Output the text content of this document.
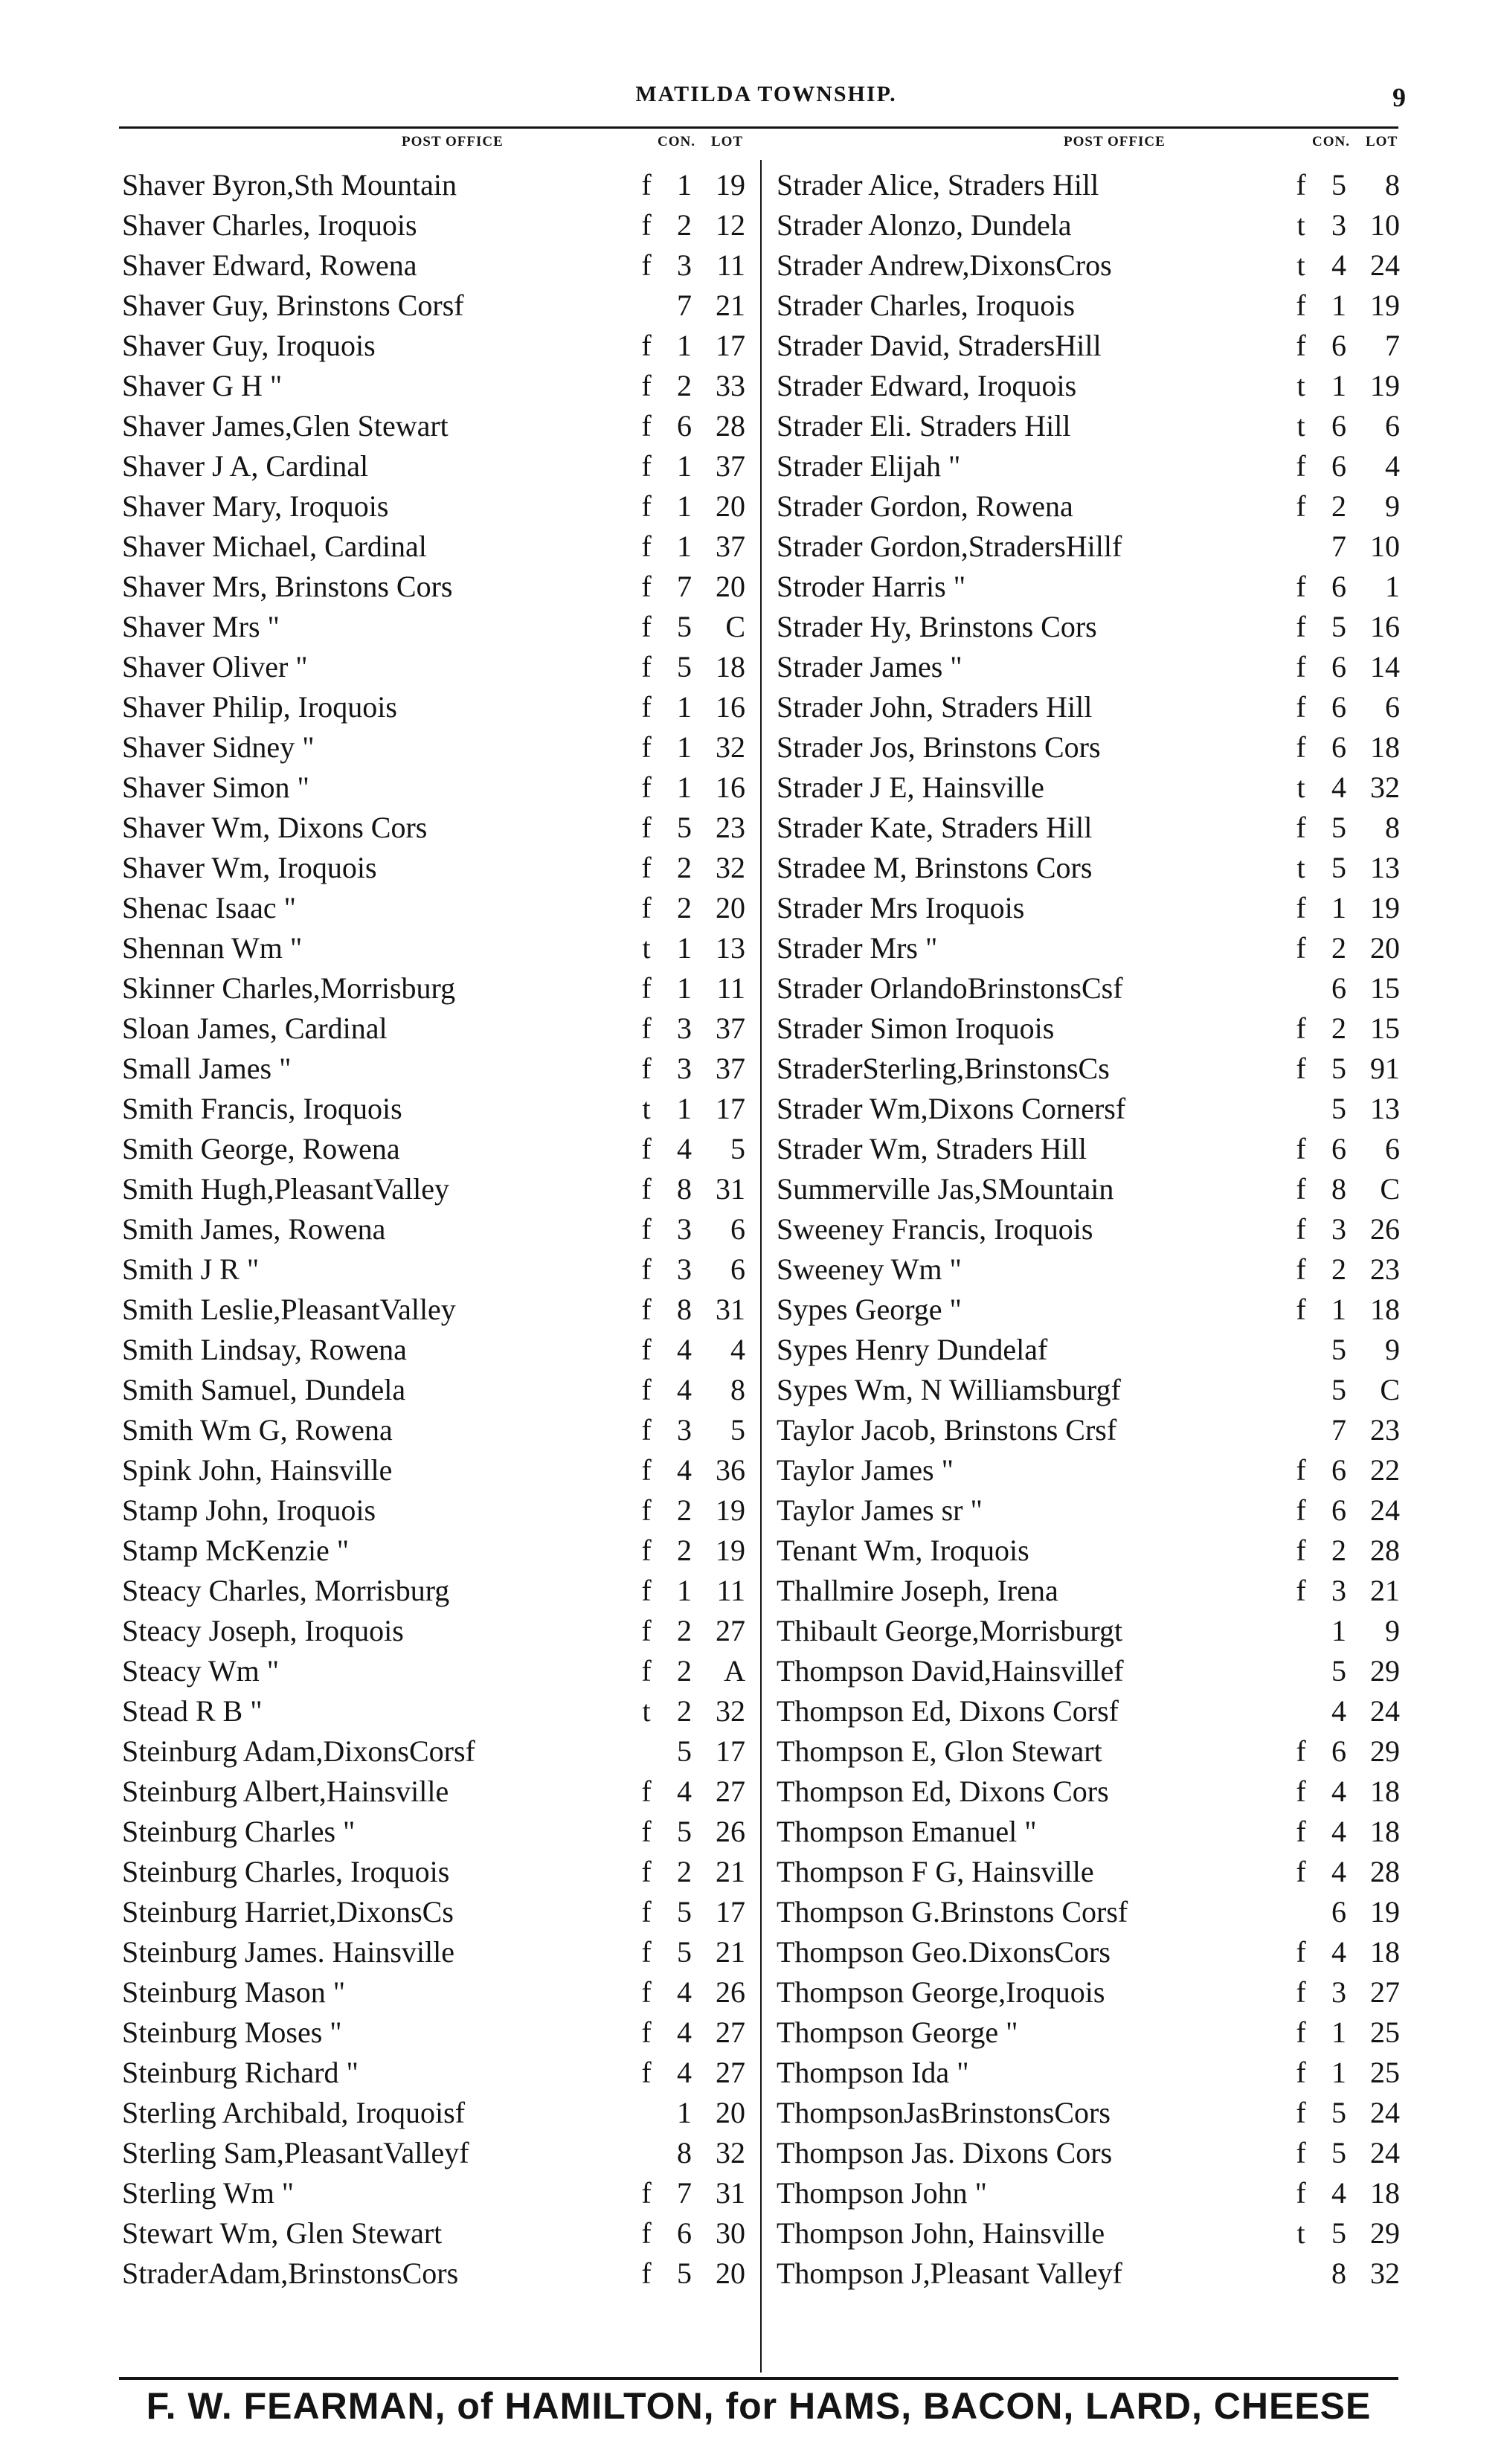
MATILDA TOWNSHIP.	9
POST OFFICE	CON. LOT	POST OFFICE	CON. LOT
Shaver Byron,Sth Mountain	f 1 19
Shaver Charles, Iroquois	f 2 12
Shaver Edward, Rowena	f 3 11
Shaver Guy, Brinstons Corsf	7 21
Shaver Guy, Iroquois	f 1 17
Shaver G H "	f 2 33
Shaver James,Glen Stewart	f 6 28
Shaver J A, Cardinal	f 1 37
Shaver Mary, Iroquois	f 1 20
Shaver Michael, Cardinal	f 1 37
Shaver Mrs, Brinstons Cors	f 7 20
Shaver Mrs "	f 5	C
Shaver Oliver "	f 5 18
Shaver Philip, Iroquois	f 1 16
Shaver Sidney "	f 1 32
Shaver Simon "	f 1 16
Shaver Wm, Dixons Cors	f 5 23
Shaver Wm, Iroquois	f 2 32
Shenac Isaac "	f 2 20
Shennan Wm "	t 1 13
Skinner Charles,Morrisburg	f 1 11
Sloan James, Cardinal	f 3 37
Small James "	f 3 37
Smith Francis, Iroquois	t 1 17
Smith George, Rowena	f 4	5
Smith Hugh,PleasantValley	f 8 31
Smith James, Rowena	f 3	6
Smith J R "	f 3	6
Smith Leslie,PleasantValley	f 8 31
Smith Lindsay, Rowena	f 4	4
Smith Samuel, Dundela	f 4	8
Smith Wm G, Rowena	f 3	5
Spink John, Hainsville	f 4 36
Stamp John, Iroquois	f 2 19
Stamp McKenzie "	f 2 19
Steacy Charles, Morrisburg	f 1 11
Steacy Joseph, Iroquois	f 2 27
Steacy Wm "	f 2	A
Stead R B "	t 2 32
Steinburg Adam,DixonsCorsf	5 17
Steinburg Albert,Hainsville	f 4 27
Steinburg Charles "	f 5 26
Steinburg Charles, Iroquois	f 2 21
Steinburg Harriet,DixonsCs	f 5 17
Steinburg James. Hainsville	f 5 21
Steinburg Mason "	f 4 26
Steinburg Moses "	f 4 27
Steinburg Richard "	f 4 27
Sterling Archibald, Iroquoisf	1 20
Sterling Sam,PleasantValleyf	8 32
Sterling Wm "	f 7 31
Stewart Wm, Glen Stewart	f 6 30
StraderAdam,BrinstonsCors	f 5 20
Strader Alice, Straders Hill	f 5	8
Strader Alonzo, Dundela	t 3 10
Strader Andrew,DixonsCros	t 4 24
Strader Charles, Iroquois	f 1 19
Strader David, StradersHill	f 6	7
Strader Edward, Iroquois	t 1 19
Strader Eli. Straders Hill	t 6	6
Strader Elijah "	f 6	4
Strader Gordon, Rowena	f 2	9
Strader Gordon,StradersHillf	7 10
Stroder Harris "	f 6	1
Strader Hy, Brinstons Cors	f 5 16
Strader James "	f 6 14
Strader John, Straders Hill	f 6	6
Strader Jos, Brinstons Cors	f 6 18
Strader J E, Hainsville	t 4 32
Strader Kate, Straders Hill	f 5	8
Stradee M, Brinstons Cors	t 5 13
Strader Mrs Iroquois	f 1 19
Strader Mrs "	f 2 20
Strader OrlandoBrinstonsCsf	6 15
Strader Simon Iroquois	f 2 15
StraderSterling,BrinstonsCs	f 5 91
Strader Wm,Dixons Cornersf	5 13
Strader Wm, Straders Hill	f 6	6
Summerville Jas,SMountain	f 8	C
Sweeney Francis, Iroquois	f 3 26
Sweeney Wm "	f 2 23
Sypes George "	f 1 18
Sypes Henry Dundelaf	5	9
Sypes Wm, N Williamsburgf	5	C
Taylor Jacob, Brinstons Crsf	7 23
Taylor James "	f 6 22
Taylor James sr "	f 6 24
Tenant Wm, Iroquois	f 2 28
Thallmire Joseph, Irena	f 3 21
Thibault George,Morrisburgt	1	9
Thompson David,Hainsvillef	5 29
Thompson Ed, Dixons Corsf	4 24
Thompson E, Glon Stewart	f 6 29
Thompson Ed, Dixons Cors	f 4 18
Thompson Emanuel "	f 4 18
Thompson F G, Hainsville	f 4 28
Thompson G.Brinstons Corsf	6 19
Thompson Geo.DixonsCors	f 4 18
Thompson George,Iroquois	f 3 27
Thompson George "	f 1 25
Thompson Ida "	f 1 25
ThompsonJasBrinstonsCors	f 5 24
Thompson Jas. Dixons Cors	f 5 24
Thompson John "	f 4 18
Thompson John, Hainsville	t 5 29
Thompson J,Pleasant Valleyf	8 32
F. W. FEARMAN, of HAMILTON, for HAMS, BACON, LARD, CHEESE
